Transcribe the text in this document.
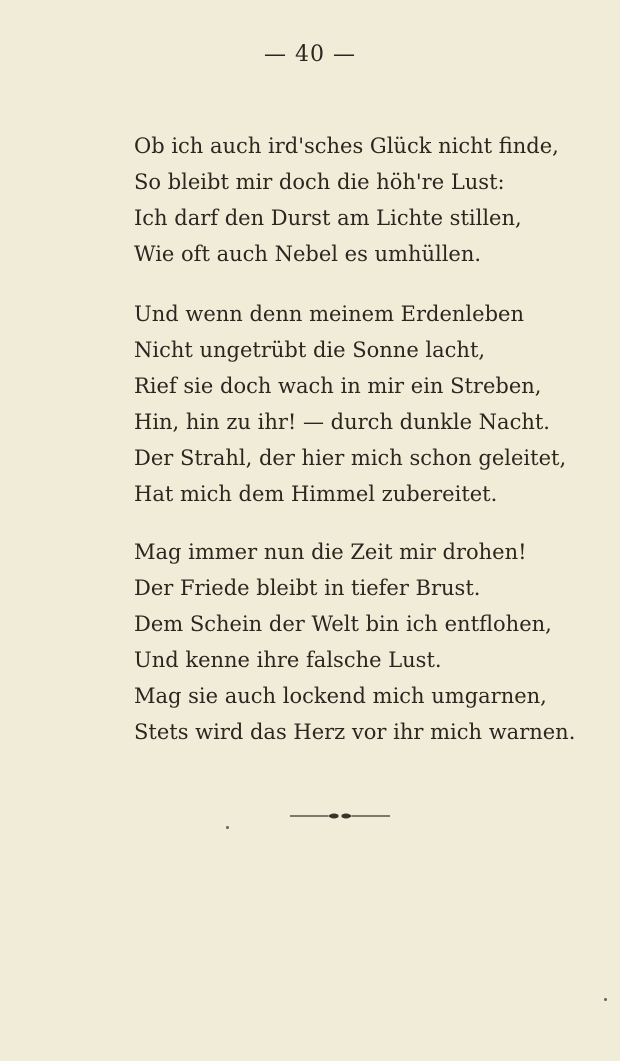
— 40 —
Ob ich auch ird'sches Glück nicht finde,
So bleibt mir doch die höh're Lust:
Ich darf den Durst am Lichte stillen,
Wie oft auch Nebel es umhüllen.
Und wenn denn meinem Erdenleben
Nicht ungetrübt die Sonne lacht,
Rief sie doch wach in mir ein Streben,
Hin, hin zu ihr! — durch dunkle Nacht.
Der Strahl, der hier mich schon geleitet,
Hat mich dem Himmel zubereitet.
Mag immer nun die Zeit mir drohen!
Der Friede bleibt in tiefer Brust.
Dem Schein der Welt bin ich entflohen,
Und kenne ihre falsche Lust.
Mag sie auch lockend mich umgarnen,
Stets wird das Herz vor ihr mich warnen.
